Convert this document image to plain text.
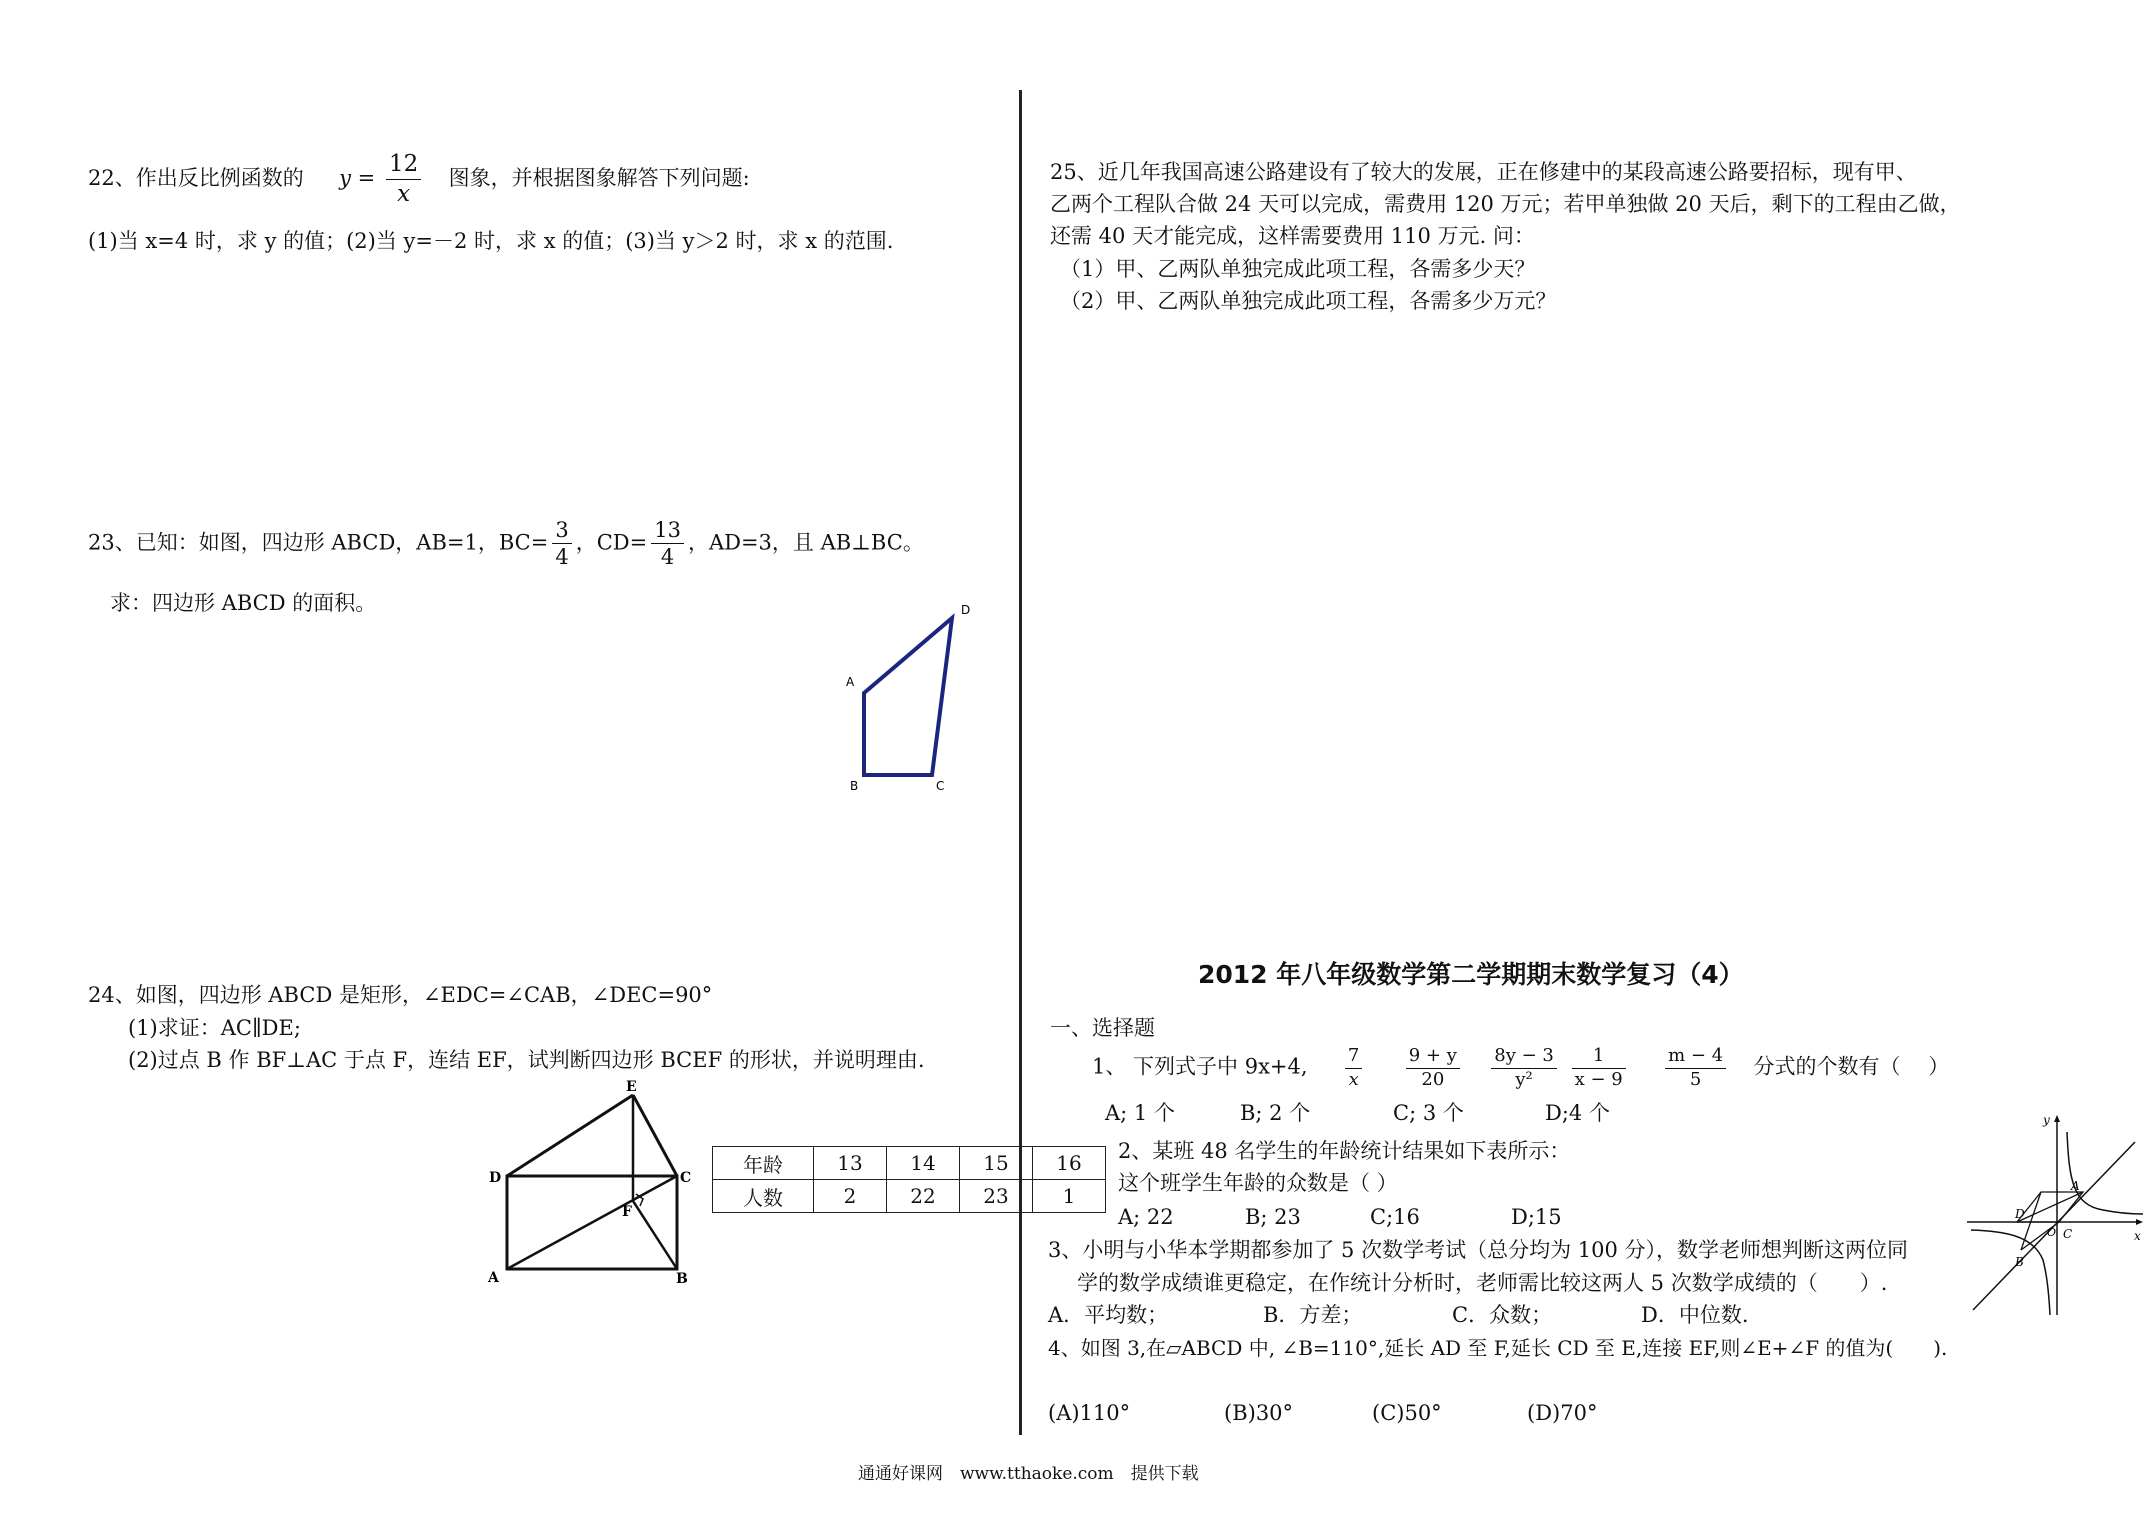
22、作出反比例函数的 $y = \frac{12}{x}$ 图象，并根据图象解答下列问题:
(1)当 x=4 时，求 y 的值；(2)当 y=－2 时，求 x 的值；(3)当 y＞2 时，求 x 的范围.
23、已知：如图，四边形 ABCD，AB=1，$BC= \frac{3}{4}$ ，$CD= \frac{13}{4}$ ，AD=3，且 AB⊥BC。
求：四边形 ABCD 的面积。
A
B	C
D
24、如图，四边形 ABCD 是矩形，∠EDC=∠CAB，∠DEC=90°
(1)求证：AC∥DE;
(2)过点 B 作 BF⊥AC 于点 F，连结 EF，试判断四边形 BCEF 的形状，并说明理由.
A	B
C
D
E
F
年龄	13	14	15	16
人数	2	22	23	1
25、近几年我国高速公路建设有了较大的发展，正在修建中的某段高速公路要招标，现有甲、
乙两个工程队合做 24 天可以完成，需费用 120 万元；若甲单独做 20 天后，剩下的工程由乙做，
还需 40 天才能完成，这样需要费用 110 万元. 问：
（1）甲、乙两队单独完成此项工程，各需多少天？
（2）甲、乙两队单独完成此项工程，各需多少万元？
2012 年八年级数学第二学期期末数学复习（4）
一、选择题
1、 下列式子中 9x+4, $\frac{7}{x}$
$\frac{9 + y}{20}$
$\frac{8y - 3}{\text{y²}}$
$\frac{1}{x - 9}$
$\frac{m - 4}{5}$ 分式的个数有（　 ）
A; 1 个	B; 2 个	C; 3 个	D;4 个
2、某班 48 名学生的年龄统计结果如下表所示：
这个班学生年龄的众数是（ ）
A; 22	B; 23	C;16	D;15
3、小明与小华本学期都参加了 5 次数学考试（总分均为 100 分），数学老师想判断这两位同
学的数学成绩谁更稳定，在作统计分析时，老师需比较这两人 5 次数学成绩的（　　）.
A．平均数；	B．方差；	C．众数；	D．中位数.
4、如图 3,在▱ABCD 中, ∠B=110°,延长 AD 至 F,延长 CD 至 E,连接 EF,则∠E+∠F 的值为(　　).
(A)110°	(B)30°	(C)50°	(D)70°
y
x
A
B
C
D
O
通通好课网　www.tthaoke.com　提供下载
